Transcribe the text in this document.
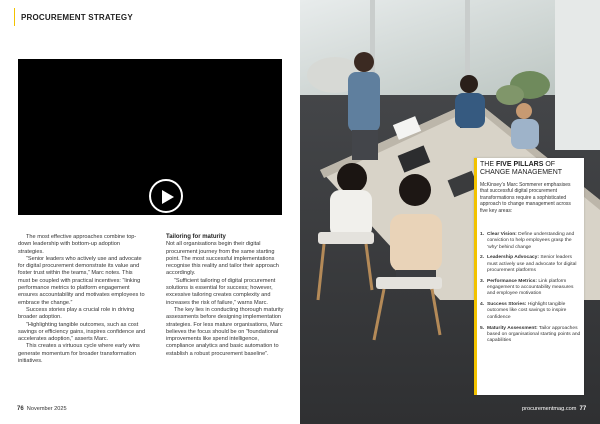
PROCUREMENT STRATEGY

The most effective approaches combine top-down leadership with bottom-up adoption strategies.

“Senior leaders who actively use and advocate for digital procurement demonstrate its value and foster trust within the teams,” Marc notes. This must be coupled with practical incentives: “linking performance metrics to platform engagement ensures accountability and motivates employees to embrace the change.”

Success stories play a crucial role in driving broader adoption.

“Highlighting tangible outcomes, such as cost savings or efficiency gains, inspires confidence and accelerates adoption,” asserts Marc.

This creates a virtuous cycle where early wins generate momentum for broader transformation initiatives.

Tailoring for maturity

Not all organisations begin their digital procurement journey from the same starting point. The most successful implementations recognise this reality and tailor their approach accordingly.

“Sufficient tailoring of digital procurement solutions is essential for success; however, excessive tailoring creates complexity and increases the risk of failure,” warns Marc.

The key lies in conducting thorough maturity assessments before designing implementation strategies. For less mature organisations, Marc believes the focus should be on “foundational improvements like spend intelligence, compliance analytics and basic automation to establish a robust procurement baseline”.

76 November 2025
THE FIVE PILLARS OF
CHANGE MANAGEMENT

McKinsey’s Marc Sommerer emphasises that successful digital procurement transformations require a sophisticated approach to change management across five key areas:

1. Clear Vision: Define understanding and conviction to help employees grasp the ‘why’ behind change
2. Leadership Advocacy: Senior leaders must actively use and advocate for digital procurement platforms
3. Performance Metrics: Link platform engagement to accountability measures and employee motivation
4. Success Stories: Highlight tangible outcomes like cost savings to inspire confidence
5. Maturity Assessment: Tailor approaches based on organisational starting points and capabilities
procurementmag.com 77
